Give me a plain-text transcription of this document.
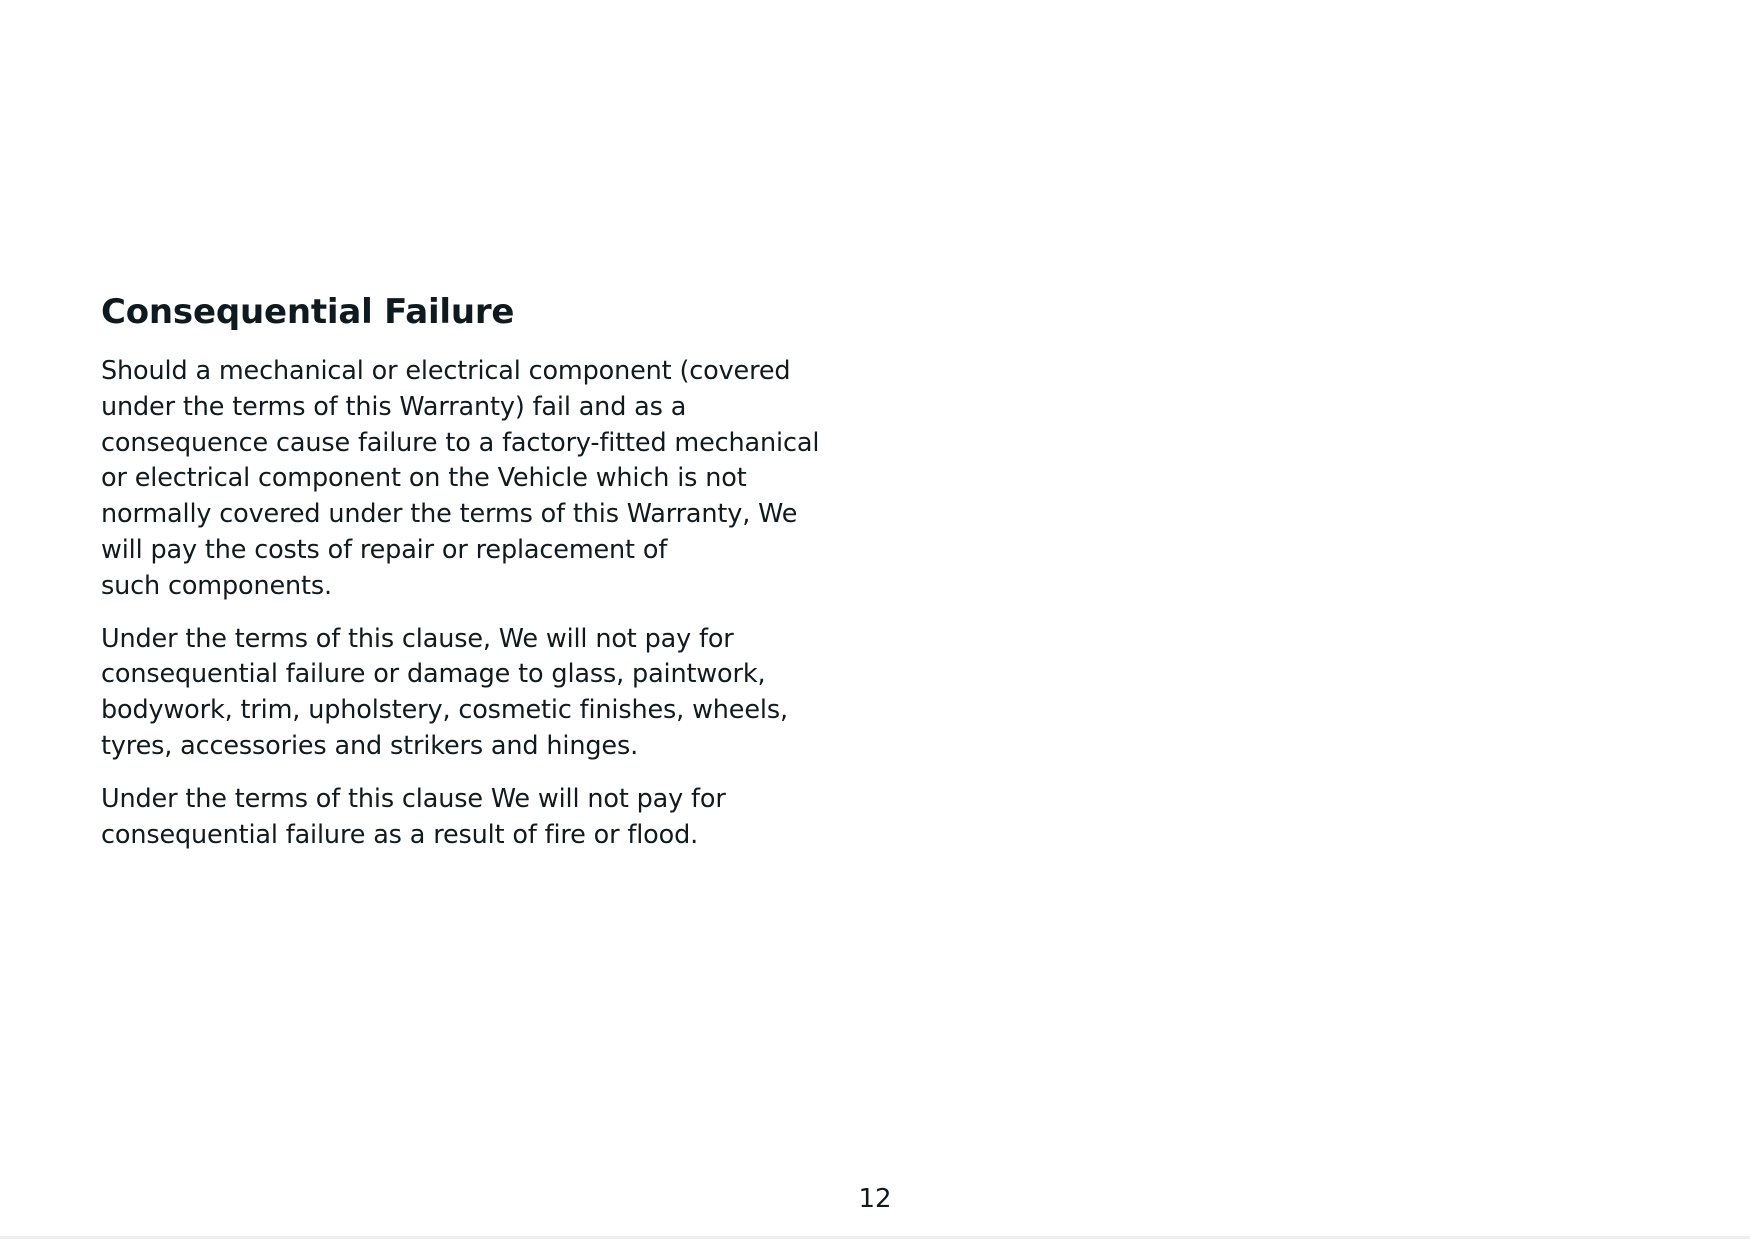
Consequential Failure

Should a mechanical or electrical component (covered
under the terms of this Warranty) fail and as a
consequence cause failure to a factory-fitted mechanical
or electrical component on the Vehicle which is not
normally covered under the terms of this Warranty, We
will pay the costs of repair or replacement of
such components.

Under the terms of this clause, We will not pay for
consequential failure or damage to glass, paintwork,
bodywork, trim, upholstery, cosmetic finishes, wheels,
tyres, accessories and strikers and hinges.

Under the terms of this clause We will not pay for
consequential failure as a result of fire or flood.

12
